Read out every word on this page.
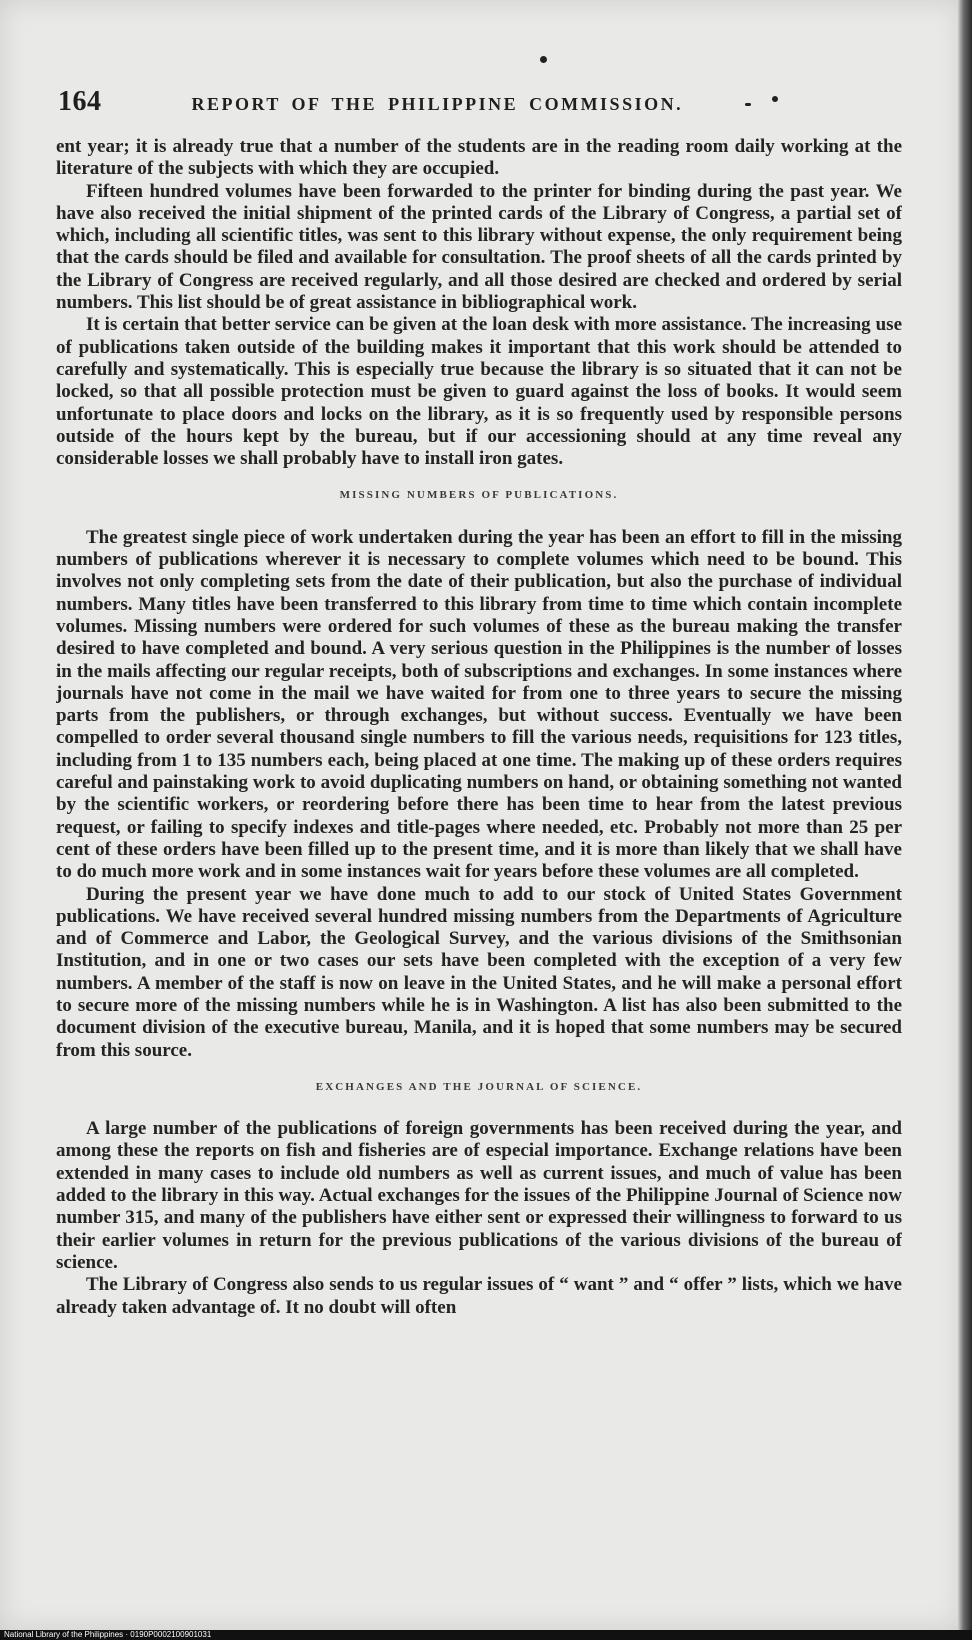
164	REPORT OF THE PHILIPPINE COMMISSION.

ent year; it is already true that a number of the students are in the reading room daily working at the literature of the subjects with which they are occupied.

Fifteen hundred volumes have been forwarded to the printer for binding during the past year. We have also received the initial shipment of the printed cards of the Library of Congress, a partial set of which, including all scientific titles, was sent to this library without expense, the only requirement being that the cards should be filed and available for consultation. The proof sheets of all the cards printed by the Library of Congress are received regularly, and all those desired are checked and ordered by serial numbers. This list should be of great assistance in bibliographical work.

It is certain that better service can be given at the loan desk with more assistance. The increasing use of publications taken outside of the building makes it important that this work should be attended to carefully and systematically. This is especially true because the library is so situated that it can not be locked, so that all possible protection must be given to guard against the loss of books. It would seem unfortunate to place doors and locks on the library, as it is so frequently used by responsible persons outside of the hours kept by the bureau, but if our accessioning should at any time reveal any considerable losses we shall probably have to install iron gates.

MISSING NUMBERS OF PUBLICATIONS.

The greatest single piece of work undertaken during the year has been an effort to fill in the missing numbers of publications wherever it is necessary to complete volumes which need to be bound. This involves not only completing sets from the date of their publication, but also the purchase of individual numbers. Many titles have been transferred to this library from time to time which contain incomplete volumes. Missing numbers were ordered for such volumes of these as the bureau making the transfer desired to have completed and bound. A very serious question in the Philippines is the number of losses in the mails affecting our regular receipts, both of subscriptions and exchanges. In some instances where journals have not come in the mail we have waited for from one to three years to secure the missing parts from the publishers, or through exchanges, but without success. Eventually we have been compelled to order several thousand single numbers to fill the various needs, requisitions for 123 titles, including from 1 to 135 numbers each, being placed at one time. The making up of these orders requires careful and painstaking work to avoid duplicating numbers on hand, or obtaining something not wanted by the scientific workers, or reordering before there has been time to hear from the latest previous request, or failing to specify indexes and title-pages where needed, etc. Probably not more than 25 per cent of these orders have been filled up to the present time, and it is more than likely that we shall have to do much more work and in some instances wait for years before these volumes are all completed.

During the present year we have done much to add to our stock of United States Government publications. We have received several hundred missing numbers from the Departments of Agriculture and of Commerce and Labor, the Geological Survey, and the various divisions of the Smithsonian Institution, and in one or two cases our sets have been completed with the exception of a very few numbers. A member of the staff is now on leave in the United States, and he will make a personal effort to secure more of the missing numbers while he is in Washington. A list has also been submitted to the document division of the executive bureau, Manila, and it is hoped that some numbers may be secured from this source.

EXCHANGES AND THE JOURNAL OF SCIENCE.

A large number of the publications of foreign governments has been received during the year, and among these the reports on fish and fisheries are of especial importance. Exchange relations have been extended in many cases to include old numbers as well as current issues, and much of value has been added to the library in this way. Actual exchanges for the issues of the Philippine Journal of Science now number 315, and many of the publishers have either sent or expressed their willingness to forward to us their earlier volumes in return for the previous publications of the various divisions of the bureau of science.

The Library of Congress also sends to us regular issues of “ want ” and “ offer ” lists, which we have already taken advantage of. It no doubt will often

National Library of the Philippines · 0190P0002100901031
